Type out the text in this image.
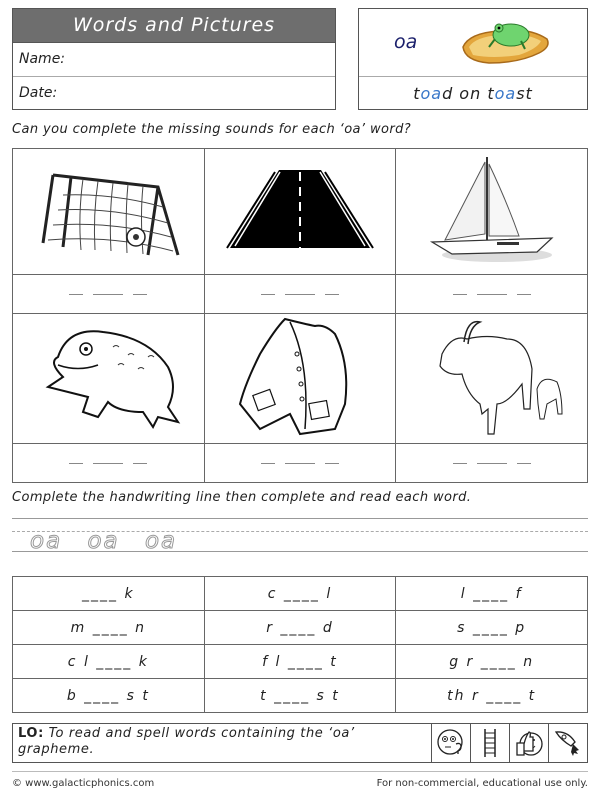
Words and Pictures
Name:
Date:
oa
toad on toast
Can you complete the missing sounds for each ‘oa’ word?

Complete the handwriting line then complete and read each word.
oa oa oa
____ k	c ____ l	l ____ f
m ____ n	r ____ d	s ____ p
c l ____ k	f l ____ t	g r ____ n
b ____ s t	t ____ s t	th r ____ t
LO: To read and spell words containing the ‘oa’ grapheme.
© www.galacticphonics.com	For non-commercial, educational use only.
